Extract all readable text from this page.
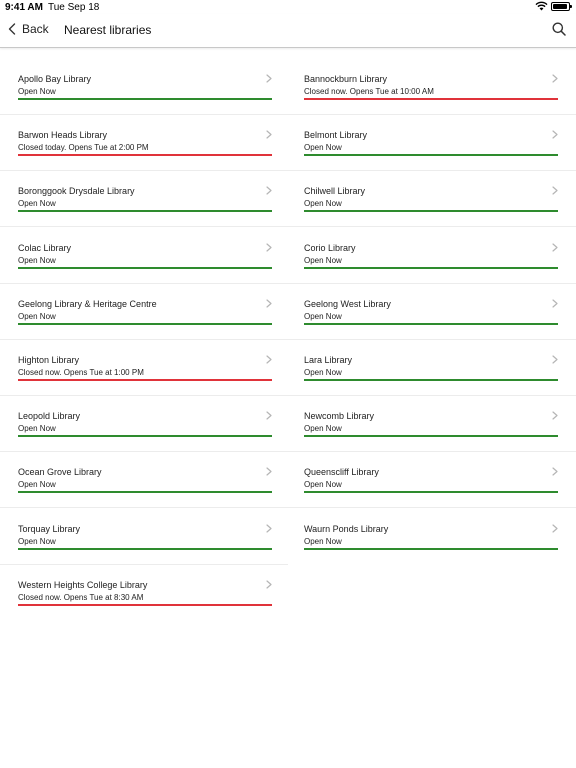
9:41 AM Tue Sep 18
Back Nearest libraries
Apollo Bay Library
Open Now
Bannockburn Library
Closed now. Opens Tue at 10:00 AM
Barwon Heads Library
Closed today. Opens Tue at 2:00 PM
Belmont Library
Open Now
Boronggook Drysdale Library
Open Now
Chilwell Library
Open Now
Colac Library
Open Now
Corio Library
Open Now
Geelong Library & Heritage Centre
Open Now
Geelong West Library
Open Now
Highton Library
Closed now. Opens Tue at 1:00 PM
Lara Library
Open Now
Leopold Library
Open Now
Newcomb Library
Open Now
Ocean Grove Library
Open Now
Queenscliff Library
Open Now
Torquay Library
Open Now
Waurn Ponds Library
Open Now
Western Heights College Library
Closed now. Opens Tue at 8:30 AM
